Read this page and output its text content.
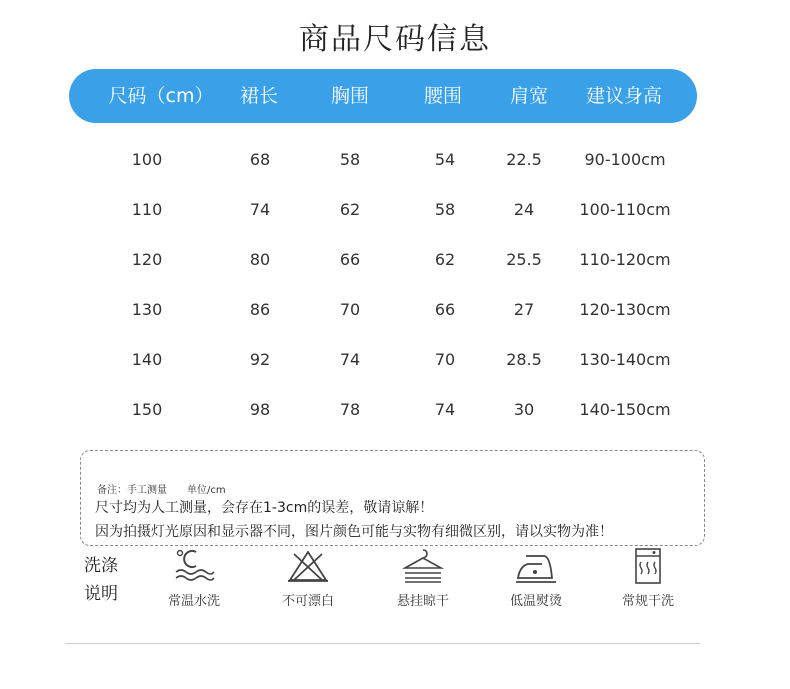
商品尺码信息
尺码（cm） 裙长	胸围	腰围	肩宽 建议身高
100	68	58	54	22.5	90-100cm
110	74	62	58	24	100-110cm
120	80	66	62	25.5 110-120cm
130	86	70	66	27	120-130cm
140	92	74	70	28.5 130-140cm
150	98	78	74	30	140-150cm
备注：手工测量 单位/cm
尺寸均为人工测量，会存在1-3cm的误差，敬请谅解！
因为拍摄灯光原因和显示器不同，图片颜色可能与实物有细微区别，请以实物为准！
洗涤
说明	常温水洗	不可漂白	悬挂晾干	低温熨烫	常规干洗
